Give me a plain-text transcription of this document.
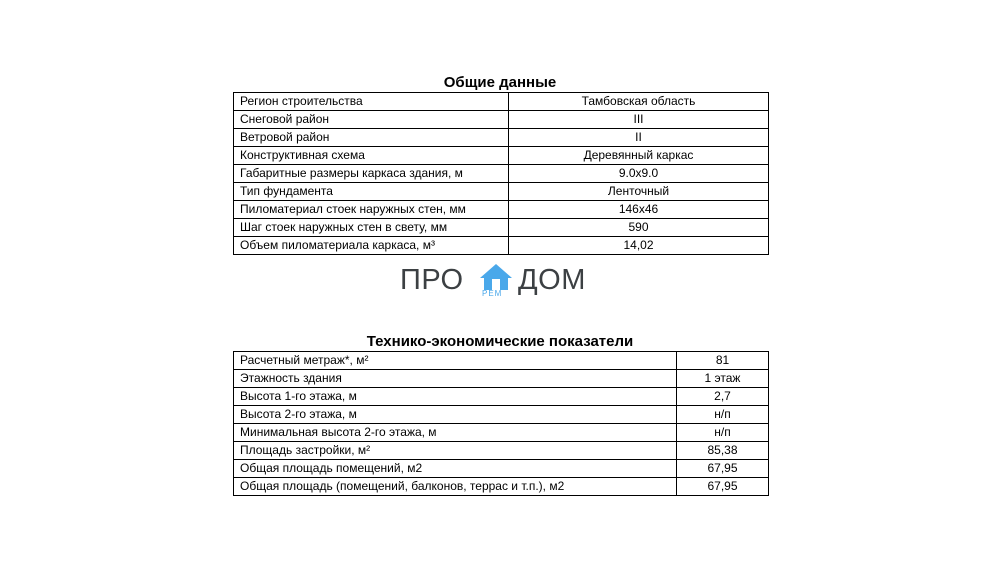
Общие данные
Регион строительства	Тамбовская область
Снеговой район	III
Ветровой район	II
Конструктивная схема	Деревянный каркас
Габаритные размеры каркаса здания, м	9.0х9.0
Тип фундамента	Ленточный
Пиломатериал стоек наружных стен, мм	146х46
Шаг стоек наружных стен в свету, мм	590
Объем пиломатериала каркаса, м³	14,02
ПРО РЕМ ДОМ
Технико-экономические показатели
Расчетный метраж*, м²	81
Этажность здания	1 этаж
Высота 1-го этажа, м	2,7
Высота 2-го этажа, м	н/п
Минимальная высота 2-го этажа, м	н/п
Площадь застройки, м²	85,38
Общая площадь помещений, м2	67,95
Общая площадь (помещений, балконов, террас и т.п.), м2	67,95
